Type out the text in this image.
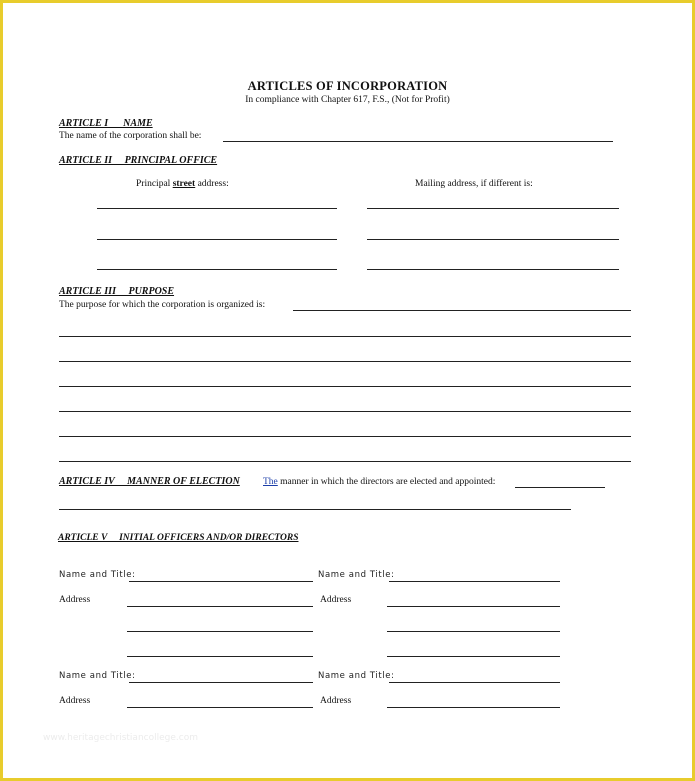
ARTICLES OF INCORPORATION
In compliance with Chapter 617, F.S., (Not for Profit)
ARTICLE I      NAME
The name of the corporation shall be:
ARTICLE II     PRINCIPAL OFFICE
Principal street address:	Mailing address, if different is:
ARTICLE III     PURPOSE
The purpose for which the corporation is organized is:
ARTICLE IV     MANNER OF ELECTION The manner in which the directors are elected and appointed:
ARTICLE V     INITIAL OFFICERS AND/OR DIRECTORS
Name and Title:
Address
Name and Title:
Address
Name and Title:
Address
Name and Title:
Address
www.heritagechristiancollege.com
